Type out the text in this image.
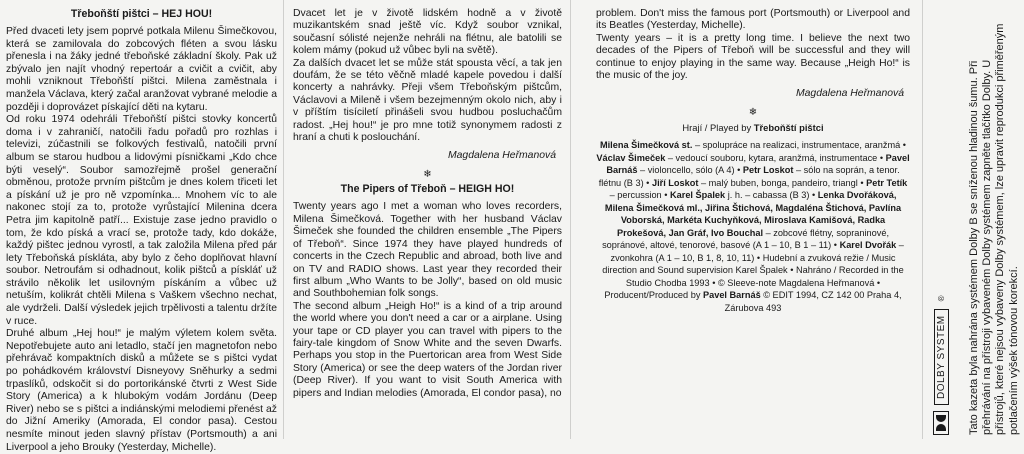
Třeboňští pištci – HEJ HOU!

Před dvaceti lety jsem poprvé potkala Milenu Šimečkovou, která se zamilovala do zobcových fléten a svou lásku přenesla i na žáky jedné třeboňské základní školy. Pak už zbývalo jen najít vhodný repertoár a cvičit a cvičit, aby mohli vzniknout Třeboňští pištci. Milena zaměstnala i manžela Václava, který začal aranžovat vybrané melodie a později i doprovázet pískající děti na kytaru.

Od roku 1974 odehráli Třeboňští pištci stovky koncertů doma i v zahraničí, natočili řadu pořadů pro rozhlas i televizi, zúčastnili se folkových festivalů, natočili první album se starou hudbou a lidovými písničkami „Kdo chce býti veselý“. Soubor samozřejmě prošel generační obměnou, protože prvním pištcům je dnes kolem třiceti let a pískání už je pro ně vzpomínka... Mnohem víc to ale nakonec stojí za to, protože vyrůstající Milenina dcera Petra jim kapitolně patří... Existuje zase jedno pravidlo o tom, že kdo píská a vrací se, protože tady, kdo dokáže, každý pištec jednou vyrostl, a tak založila Milena před pár lety Třeboňská pískláta, aby bylo z čeho doplňovat hlavní soubor. Netroufám si odhadnout, kolik pištců a pískláť už strávilo několik let usilovným pískáním a vůbec už netuším, kolikrát chtěli Milena s Vaškem všechno nechat, ale vydrželi. Další výsledek jejich trpělivosti a talentu držíte v ruce.

Druhé album „Hej hou!“ je malým výletem kolem světa. Nepotřebujete auto ani letadlo, stačí jen magnetofon nebo přehrávač kompaktních disků a můžete se s pištci vydat po pohádkovém království Disneyovy Sněhurky a sedmi trpaslíků, odskočit si do portorikánské čtvrti z West Side Story (America) a k hlubokým vodám Jordánu (Deep River) nebo se s pištci a indiánskými melodiemi přenést až do Jižní Ameriky (Amorada, El condor pasa). Cestou nesmíte minout jeden slavný přístav (Portsmouth) a ani Liverpool a jeho Brouky (Yesterday, Michelle).

Dvacet let je v životě lidském hodně a v životě muzikantském snad ještě víc. Když soubor vznikal, současní sólisté nejenže nehráli na flétnu, ale batolili se kolem mámy (pokud už vůbec byli na světě).

Za dalších dvacet let se může stát spousta věcí, a tak jen doufám, že se této věčně mladé kapele povedou i další koncerty a nahrávky. Přeji všem Třeboňským pištcům, Václavovi a Mileně i všem bezejmenným okolo nich, aby i v příštím tisíciletí přinášeli svou hudbou posluchačům radost. „Hej hou!“ je pro mne totiž synonymem radosti z hraní a chuti k poslouchání.

Magdalena Heřmanová

❄

The Pipers of Třeboň – HEIGH HO!

Twenty years ago I met a woman who loves recorders, Milena Šimečková. Together with her husband Václav Šimeček she founded the children ensemble „The Pipers of Třeboň“. Since 1974 they have played hundreds of concerts in the Czech Republic and abroad, both live and on TV and RADIO shows. Last year they recorded their first album „Who Wants to be Jolly“, based on old music and Southbohemian folk songs.

The second album „Heigh Ho!“ is a kind of a trip around the world where you don't need a car or a airplane. Using your tape or CD player you can travel with pipers to the fairy-tale kingdom of Snow White and the seven Dwarfs. Perhaps you stop in the Puertorican area from West Side Story (America) or see the deep waters of the Jordan river (Deep River). If you want to visit South America with pipers and Indian melodies (Amorada, El condor pasa), no

problem. Don't miss the famous port (Portsmouth) or Liverpool and its Beatles (Yesterday, Michelle).

Twenty years – it is a pretty long time. I believe the next two decades of the Pipers of Třeboň will be successful and they will continue to enjoy playing in the same way. Because „Heigh Ho!“ is the music of the joy.

Magdalena Heřmanová

❄

Hrají / Played by Třeboňští pištci

Milena Šimečková st. – spolupráce na realizaci, instrumentace, aranžmá • Václav Šimeček – vedoucí souboru, kytara, aranžmá, instrumentace • Pavel Barnáš – violoncello, sólo (A 4) • Petr Loskot – sólo na soprán, a tenor. flétnu (B 3) • Jiří Loskot – malý buben, bonga, pandeiro, triangl • Petr Tetík – percussion • Karel Špalek j. h. – cabassa (B 3) • Lenka Dvořáková, Milena Šimečková ml., Jiřina Štichová, Magdaléna Štichová, Pavlína Voborská, Markéta Kuchyňková, Miroslava Kamišová, Radka Prokešová, Jan Gráf, Ivo Bouchal – zobcové flétny, sopraninové, sopránové, altové, tenorové, basové (A 1 – 10, B 1 – 11) • Karel Dvořák – zvonkohra (A 1 – 10, B 1, 8, 10, 11) • Hudební a zvuková režie / Music direction and Sound supervision Karel Špalek • Nahráno / Recorded in the Studio Chodba 1993 • © Sleeve-note Magdalena Heřmanová • Producent/Produced by Pavel Barnáš © EDIT 1994, CZ 142 00 Praha 4, Zárubova 493

DOLBY SYSTEM
® Tato kazeta byla nahrána systémem Dolby B se sníženou hladinou šumu. Při přehrávání na přístroji vybaveném Dolby systémem zapněte tlačítko Dolby. U přístrojů, které nejsou vybaveny Dolby systémem, lze upravit reprodukci přiměřeným potlačením výšek tónovou korekcí.
